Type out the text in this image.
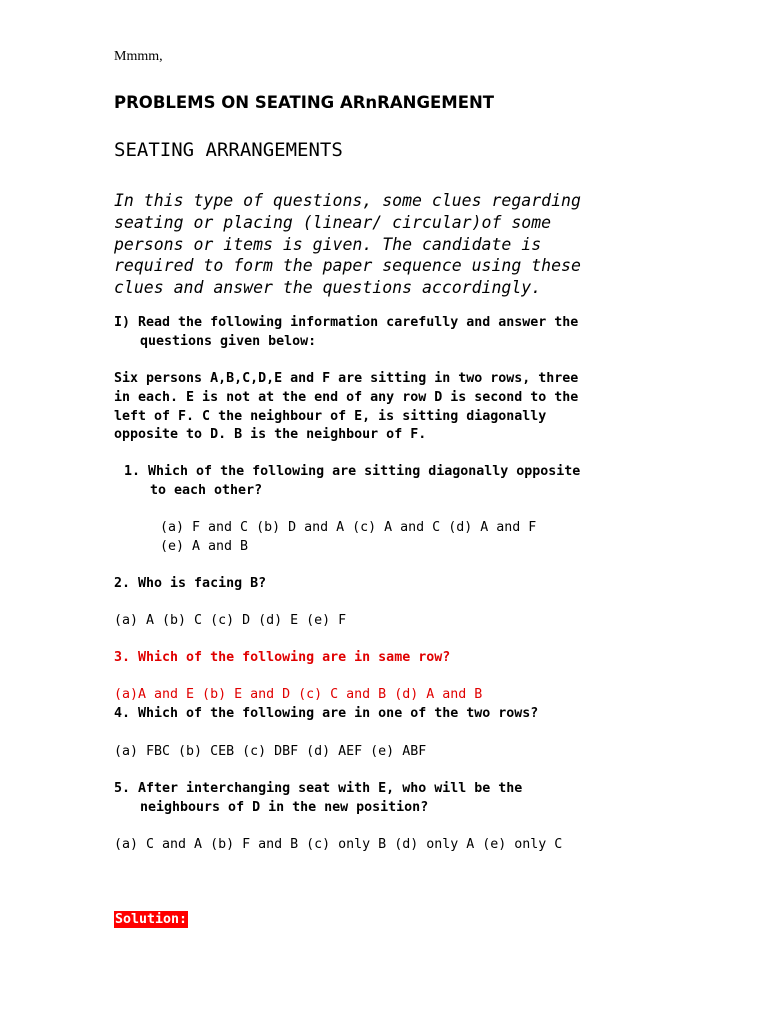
Mmmm,
PROBLEMS ON SEATING ARnRANGEMENT
SEATING ARRANGEMENTS
In this type of questions, some clues regarding
seating or placing (linear/ circular)of some
persons or items is given. The candidate is
required to form the paper sequence using these
clues and answer the questions accordingly.
I) Read the following information carefully and answer the
questions given below:
Six persons A,B,C,D,E and F are sitting in two rows, three
in each. E is not at the end of any row D is second to the
left of F. C the neighbour of E, is sitting diagonally
opposite to D. B is the neighbour of F.
1. Which of the following are sitting diagonally opposite
to each other?
(a) F and C (b) D and A (c) A and C (d) A and F
(e) A and B
2. Who is facing B?
(a) A (b) C (c) D (d) E (e) F
3. Which of the following are in same row?
(a)A and E (b) E and D (c) C and B (d) A and B
4. Which of the following are in one of the two rows?
(a) FBC (b) CEB (c) DBF (d) AEF (e) ABF
5. After interchanging seat with E, who will be the
neighbours of D in the new position?
(a) C and A (b) F and B (c) only B (d) only A (e) only C
Solution:
